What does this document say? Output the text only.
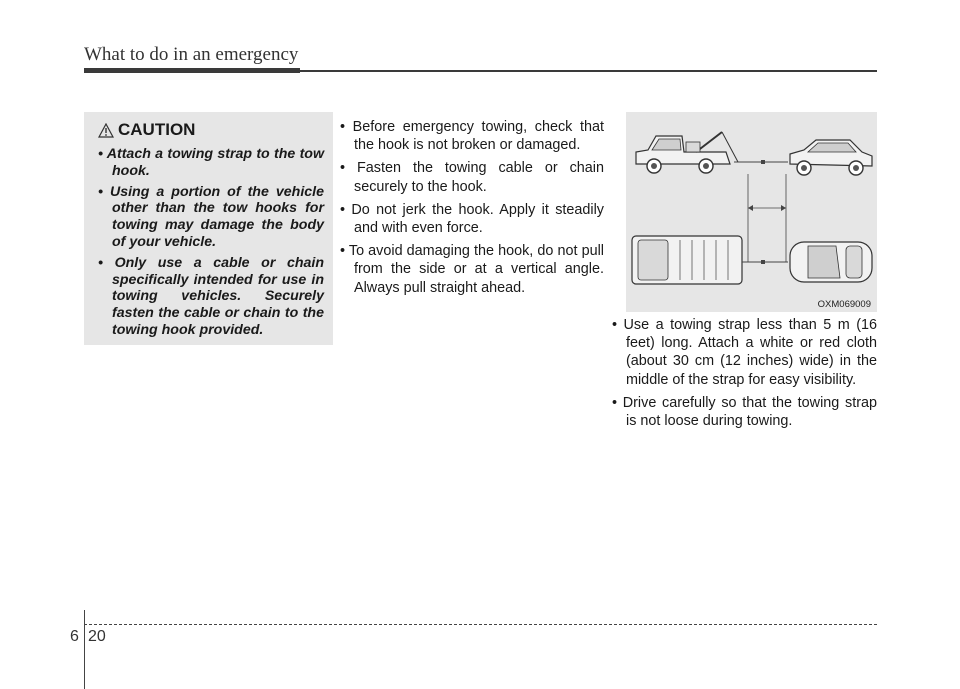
What to do in an emergency
CAUTION
• Attach a towing strap to the tow hook.
• Using a portion of the vehicle other than the tow hooks for towing may damage the body of your vehicle.
• Only use a cable or chain specifically intended for use in towing vehicles. Securely fasten the cable or chain to the towing hook provided.
• Before emergency towing, check that the hook is not broken or damaged.
• Fasten the towing cable or chain securely to the hook.
• Do not jerk the hook. Apply it steadily and with even force.
• To avoid damaging the hook, do not pull from the side or at a vertical angle. Always pull straight ahead.
OXM069009
• Use a towing strap less than 5 m (16 feet) long. Attach a white or red cloth (about 30 cm (12 inches) wide) in the middle of the strap for easy visibility.
• Drive carefully so that the towing strap is not loose during towing.
6 20
